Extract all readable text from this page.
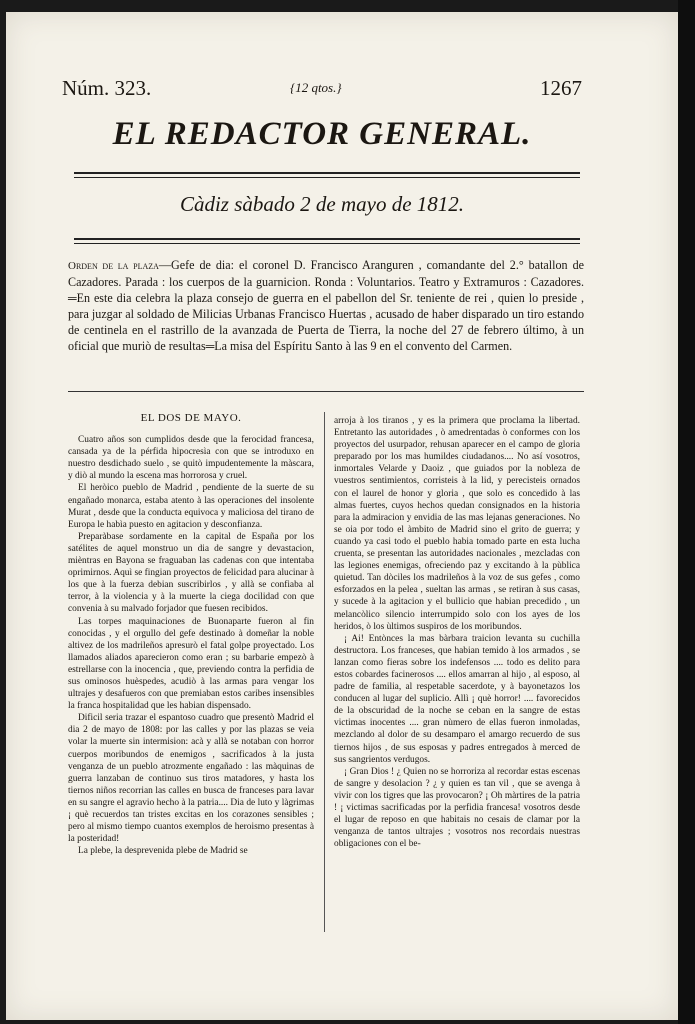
Núm. 323.	{12 qtos.}	1267
EL REDACTOR GENERAL.
Càdiz sàbado 2 de mayo de 1812.
Orden de la plaza—Gefe de dia: el coronel D. Francisco Aranguren , comandante del 2.° batallon de Cazadores. Parada : los cuerpos de la guarnicion. Ronda : Voluntarios. Teatro y Extramuros : Cazadores. ═En este dia celebra la plaza consejo de guerra en el pabellon del Sr. teniente de rei , quien lo preside , para juzgar al soldado de Milicias Urbanas Francisco Huertas , acusado de haber disparado un tiro estando de centinela en el rastrillo de la avanzada de Puerta de Tierra, la noche del 27 de febrero último, à un oficial que muriò de resultas═La misa del Espíritu Santo à las 9 en el convento del Carmen.
EL DOS DE MAYO.

Cuatro años son cumplidos desde que la ferocidad francesa, cansada ya de la pérfida hipocresìa con que se introduxo en nuestro desdichado suelo , se quitò impudentemente la màscara, y diò al mundo la escena mas horrorosa y cruel.

El heròico pueblo de Madrid , pendiente de la suerte de su engañado monarca, estaba atento à las operaciones del insolente Murat , desde que la conducta equivoca y maliciosa del tirano de Europa le habìa puesto en agitacion y desconfianza.

Preparàbase sordamente en la capital de España por los satélites de aquel monstruo un dia de sangre y devastacion, mièntras en Bayona se fraguaban las cadenas con que intentaba oprimirnos. Aquì se fingian proyectos de felicidad para alucinar à los que à la fuerza debian suscribirlos , y allà se confiaba al terror, à la violencia y à la muerte la ciega docilidad con que convenia à su malvado forjador que fuesen recibidos.

Las torpes maquinaciones de Buonaparte fueron al fin conocidas , y el orgullo del gefe destinado à domeñar la noble altivez de los madrileños apresurò el fatal golpe proyectado. Los llamados aliados aparecieron como eran ; su barbarie empezò à estrellarse con la inocencia , que, previendo contra la perfidia de sus ominosos huèspedes, acudiò à las armas para vengar los ultrajes y desafueros con que premiaban estos caribes insensibles la franca hospitalidad que les habian dispensado.

Dificil seria trazar el espantoso cuadro que presentò Madrid el dia 2 de mayo de 1808: por las calles y por las plazas se veia volar la muerte sin intermision: acà y allà se notaban con horror cuerpos moribundos de enemigos , sacrificados à la justa venganza de un pueblo atrozmente engañado : las màquinas de guerra lanzaban de continuo sus tiros matadores, y hasta los tiernos niños recorrian las calles en busca de franceses para lavar en su sangre el agravio hecho à la patria.... Dia de luto y làgrimas ¡ què recuerdos tan tristes excitas en los corazones sensibles ; pero al mismo tiempo cuantos exemplos de heroismo presentas à la posteridad!

La plebe, la desprevenida plebe de Madrid se

arroja à los tiranos , y es la primera que proclama la libertad. Entretanto las autoridades , ò amedrentadas ò conformes con los proyectos del usurpador, rehusan aparecer en el campo de gloria preparado por los mas humildes ciudadanos.... No así vosotros, inmortales Velarde y Daoiz , que guiados por la nobleza de vuestros sentimientos, corristeis à la lid, y perecisteis ornados con el laurel de honor y gloria , que solo es concedido à las almas fuertes, cuyos hechos quedan consignados en la historia para la admiracion y envidia de las mas lejanas generaciones. No se oia por todo el àmbito de Madrid sino el grito de guerra; y cuando ya casi todo el pueblo habia tomado parte en esta lucha cruenta, se presentan las autoridades nacionales , mezcladas con las legiones enemigas, ofreciendo paz y excitando à la pùblica quietud. Tan dòciles los madrileños à la voz de sus gefes , como esforzados en la pelea , sueltan las armas , se retiran à sus casas, y sucede à la agitacion y el bullicio que habian precedido , un melancòlico silencio interrumpido solo con los ayes de los heridos, ò los ùltimos suspiros de los moribundos.

¡ Ai! Entònces la mas bàrbara traicion levanta su cuchilla destructora. Los franceses, que habian temido à los armados , se lanzan como fieras sobre los indefensos .... todo es delito para estos cobardes facinerosos .... ellos amarran al hijo , al esposo, al padre de familia, al respetable sacerdote, y à bayonetazos los conducen al lugar del suplicio. Allì ¡ què horror! .... favorecidos de la obscuridad de la noche se ceban en la sangre de estas victimas inocentes .... gran nùmero de ellas fueron inmoladas, mezclando al dolor de su desamparo el amargo recuerdo de sus tiernos hijos , de sus esposas y padres entregados à merced de sus sangrientos verdugos.

¡ Gran Dios ! ¿ Quien no se horroriza al recordar estas escenas de sangre y desolacion ? ¿ y quien es tan vil , que se avenga à vivir con los tigres que las provocaron? ¡ Oh màrtires de la patria ! ¡ victimas sacrificadas por la perfidia francesa! vosotros desde el lugar de reposo en que habitais no cesais de clamar por la venganza de tantos ultrajes ; vosotros nos recordais nuestras obligaciones con el be-
